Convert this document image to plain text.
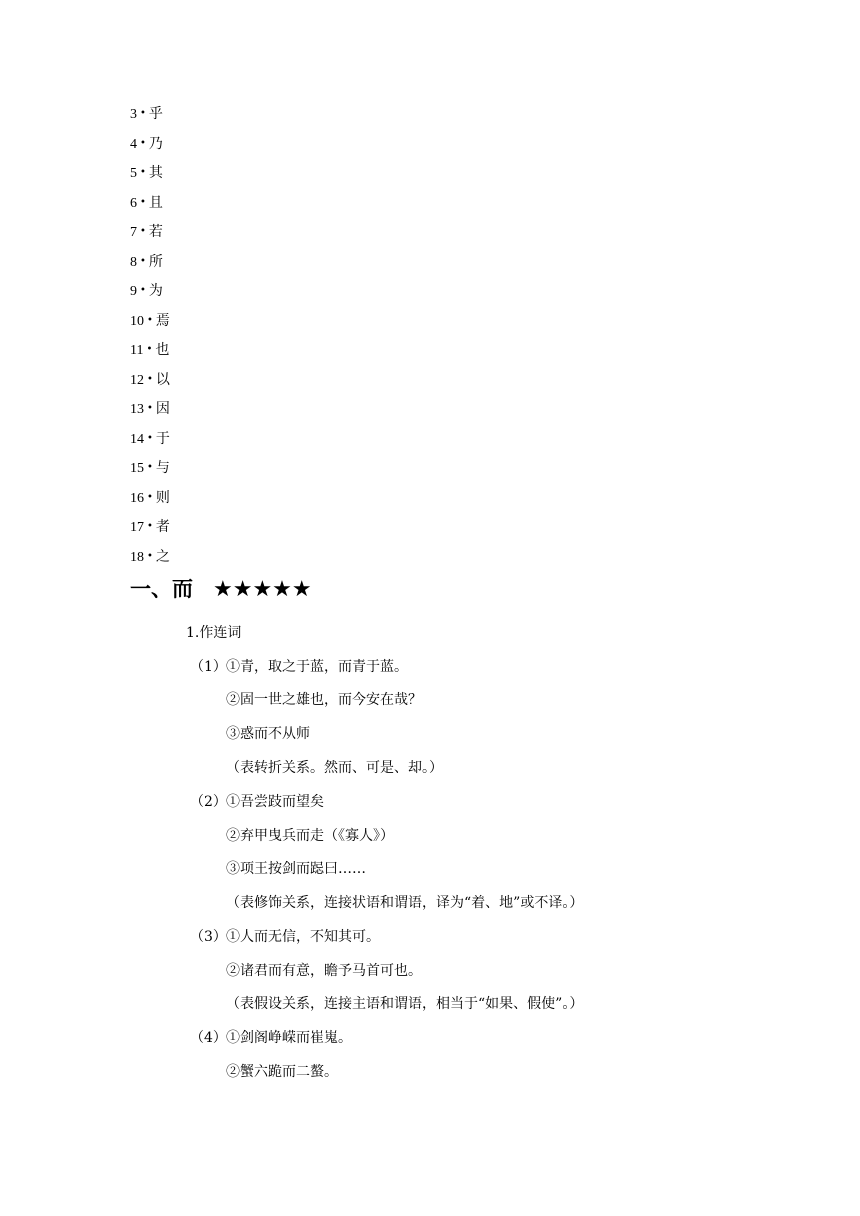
3 • 乎
4 • 乃
5 • 其
6 • 且
7 • 若
8 • 所
9 • 为
10 • 焉
11 • 也
12 • 以
13 • 因
14 • 于
15 • 与
16 • 则
17 • 者
18 • 之
一、而 ★★★★★
1.作连词
（1） ①青，取之于蓝，而青于蓝。
②固一世之雄也，而今安在哉？
③惑而不从师
（表转折关系。然而、可是、却。）
（2） ①吾尝跂而望矣
②弃甲曳兵而走（《寡人》）
③项王按剑而跽曰……
（表修饰关系，连接状语和谓语，译为“着、地”或不译。）
（3） ①人而无信，不知其可。
②诸君而有意，瞻予马首可也。
（表假设关系，连接主语和谓语，相当于“如果、假使”。）
（4） ①剑阁峥嵘而崔嵬。
②蟹六跪而二螯。
